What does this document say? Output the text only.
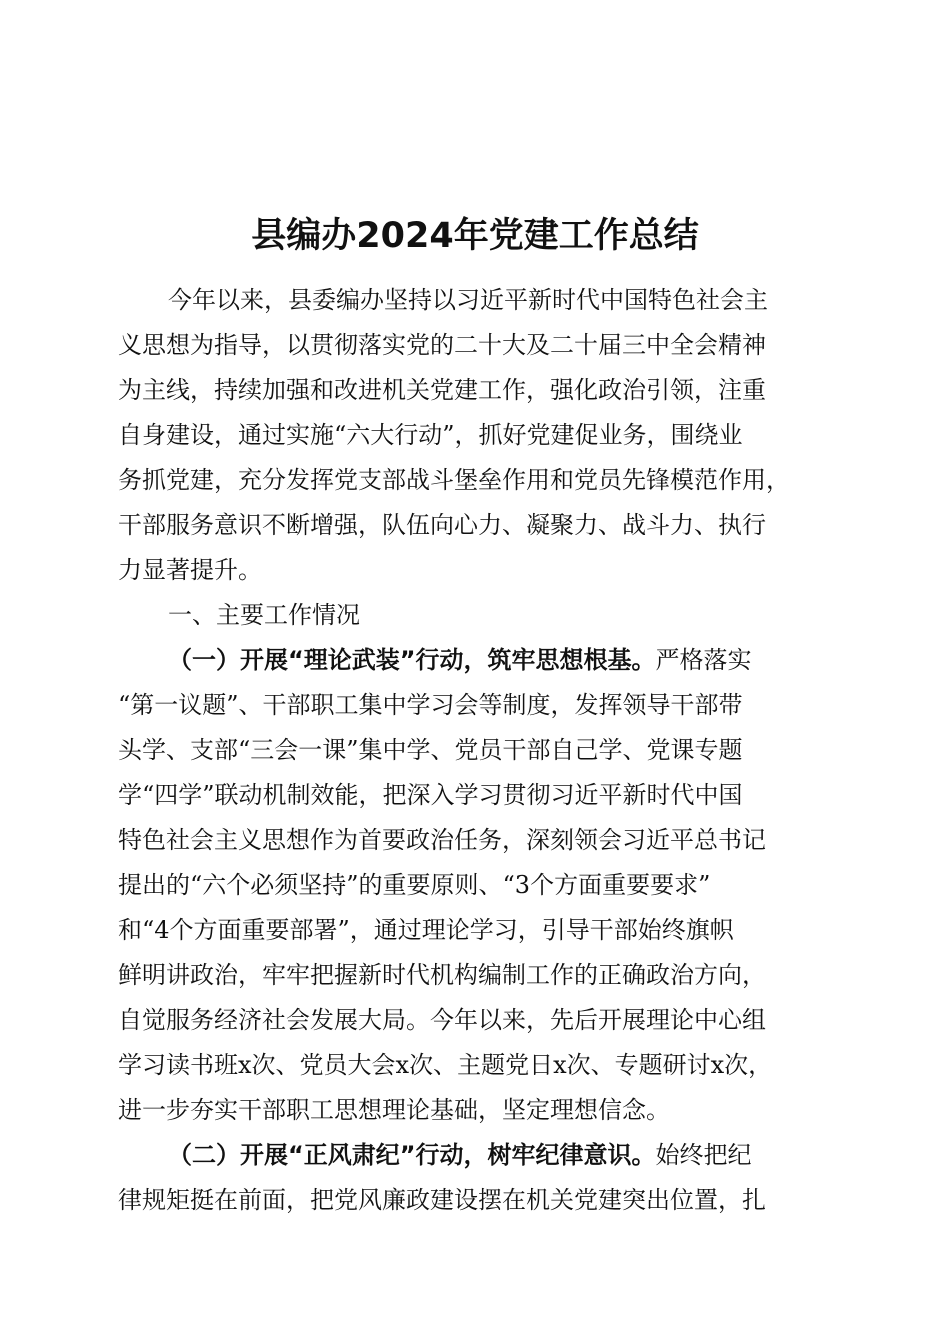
县编办2024年党建工作总结
今年以来，县委编办坚持以习近平新时代中国特色社会主
义思想为指导，以贯彻落实党的二十大及二十届三中全会精神
为主线，持续加强和改进机关党建工作，强化政治引领，注重
自身建设，通过实施“六大行动”，抓好党建促业务，围绕业
务抓党建，充分发挥党支部战斗堡垒作用和党员先锋模范作用，
干部服务意识不断增强，队伍向心力、凝聚力、战斗力、执行
力显著提升。
一、主要工作情况
（一）开展“理论武装”行动，筑牢思想根基。严格落实
“第一议题”、干部职工集中学习会等制度，发挥领导干部带
头学、支部“三会一课”集中学、党员干部自己学、党课专题
学“四学”联动机制效能，把深入学习贯彻习近平新时代中国
特色社会主义思想作为首要政治任务，深刻领会习近平总书记
提出的“六个必须坚持”的重要原则、“3个方面重要要求”
和“4个方面重要部署”，通过理论学习，引导干部始终旗帜
鲜明讲政治，牢牢把握新时代机构编制工作的正确政治方向，
自觉服务经济社会发展大局。今年以来，先后开展理论中心组
学习读书班x次、党员大会x次、主题党日x次、专题研讨x次，
进一步夯实干部职工思想理论基础，坚定理想信念。
（二）开展“正风肃纪”行动，树牢纪律意识。始终把纪
律规矩挺在前面，把党风廉政建设摆在机关党建突出位置，扎
